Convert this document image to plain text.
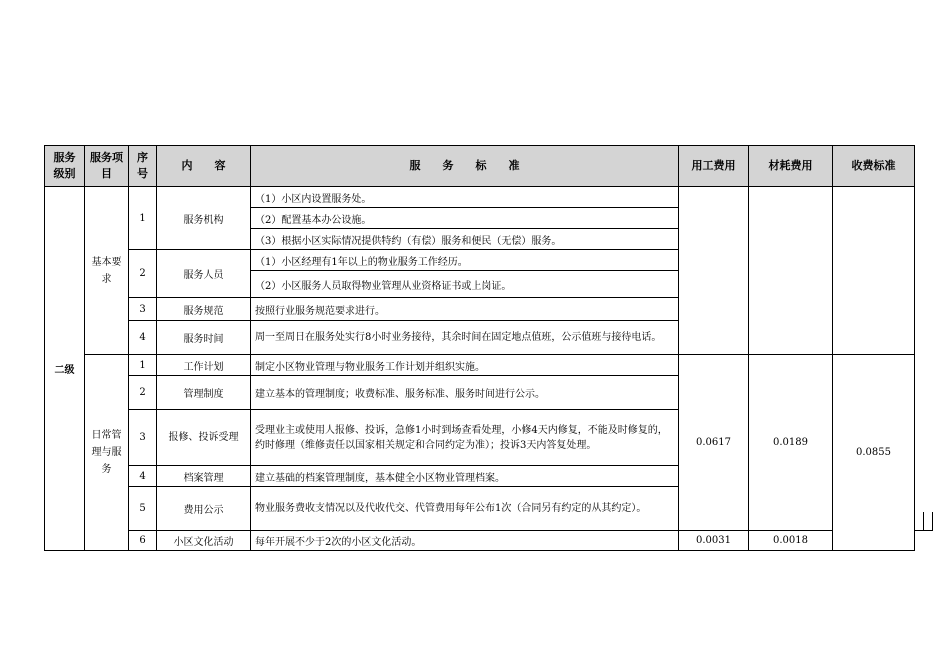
服务级别	服务项目	序号	内　　容	服　　务　　标　　准	用工费用	材耗费用	收费标准		
二级	基本要求	1	服务机构	（1）小区内设置服务处。					
				（2）配置基本办公设施。					
				（3）根据小区实际情况提供特约（有偿）服务和便民（无偿）服务。					
		2	服务人员	（1）小区经理有1年以上的物业服务工作经历。					
				（2）小区服务人员取得物业管理从业资格证书或上岗证。					
		3	服务规范	按照行业服务规范要求进行。					
		4	服务时间	周一至周日在服务处实行8小时业务接待，其余时间在固定地点值班，公示值班与接待电话。					
	日常管理与服务	1	工作计划	制定小区物业管理与物业服务工作计划并组织实施。	0.0617	0.0189	0.0855		
		2	管理制度	建立基本的管理制度；收费标准、服务标准、服务时间进行公示。					
		3	报修、投诉受理	受理业主或使用人报修、投诉，急修1小时到场查看处理，小修4天内修复，不能及时修复的，约时修理（维修责任以国家相关规定和合同约定为准）；投诉3天内答复处理。					
		4	档案管理	建立基础的档案管理制度，基本健全小区物业管理档案。					
		5	费用公示	物业服务费收支情况以及代收代交、代管费用每年公布1次（合同另有约定的从其约定）。					

		6	小区文化活动	每年开展不少于2次的小区文化活动。	0.0031	0.0018			
